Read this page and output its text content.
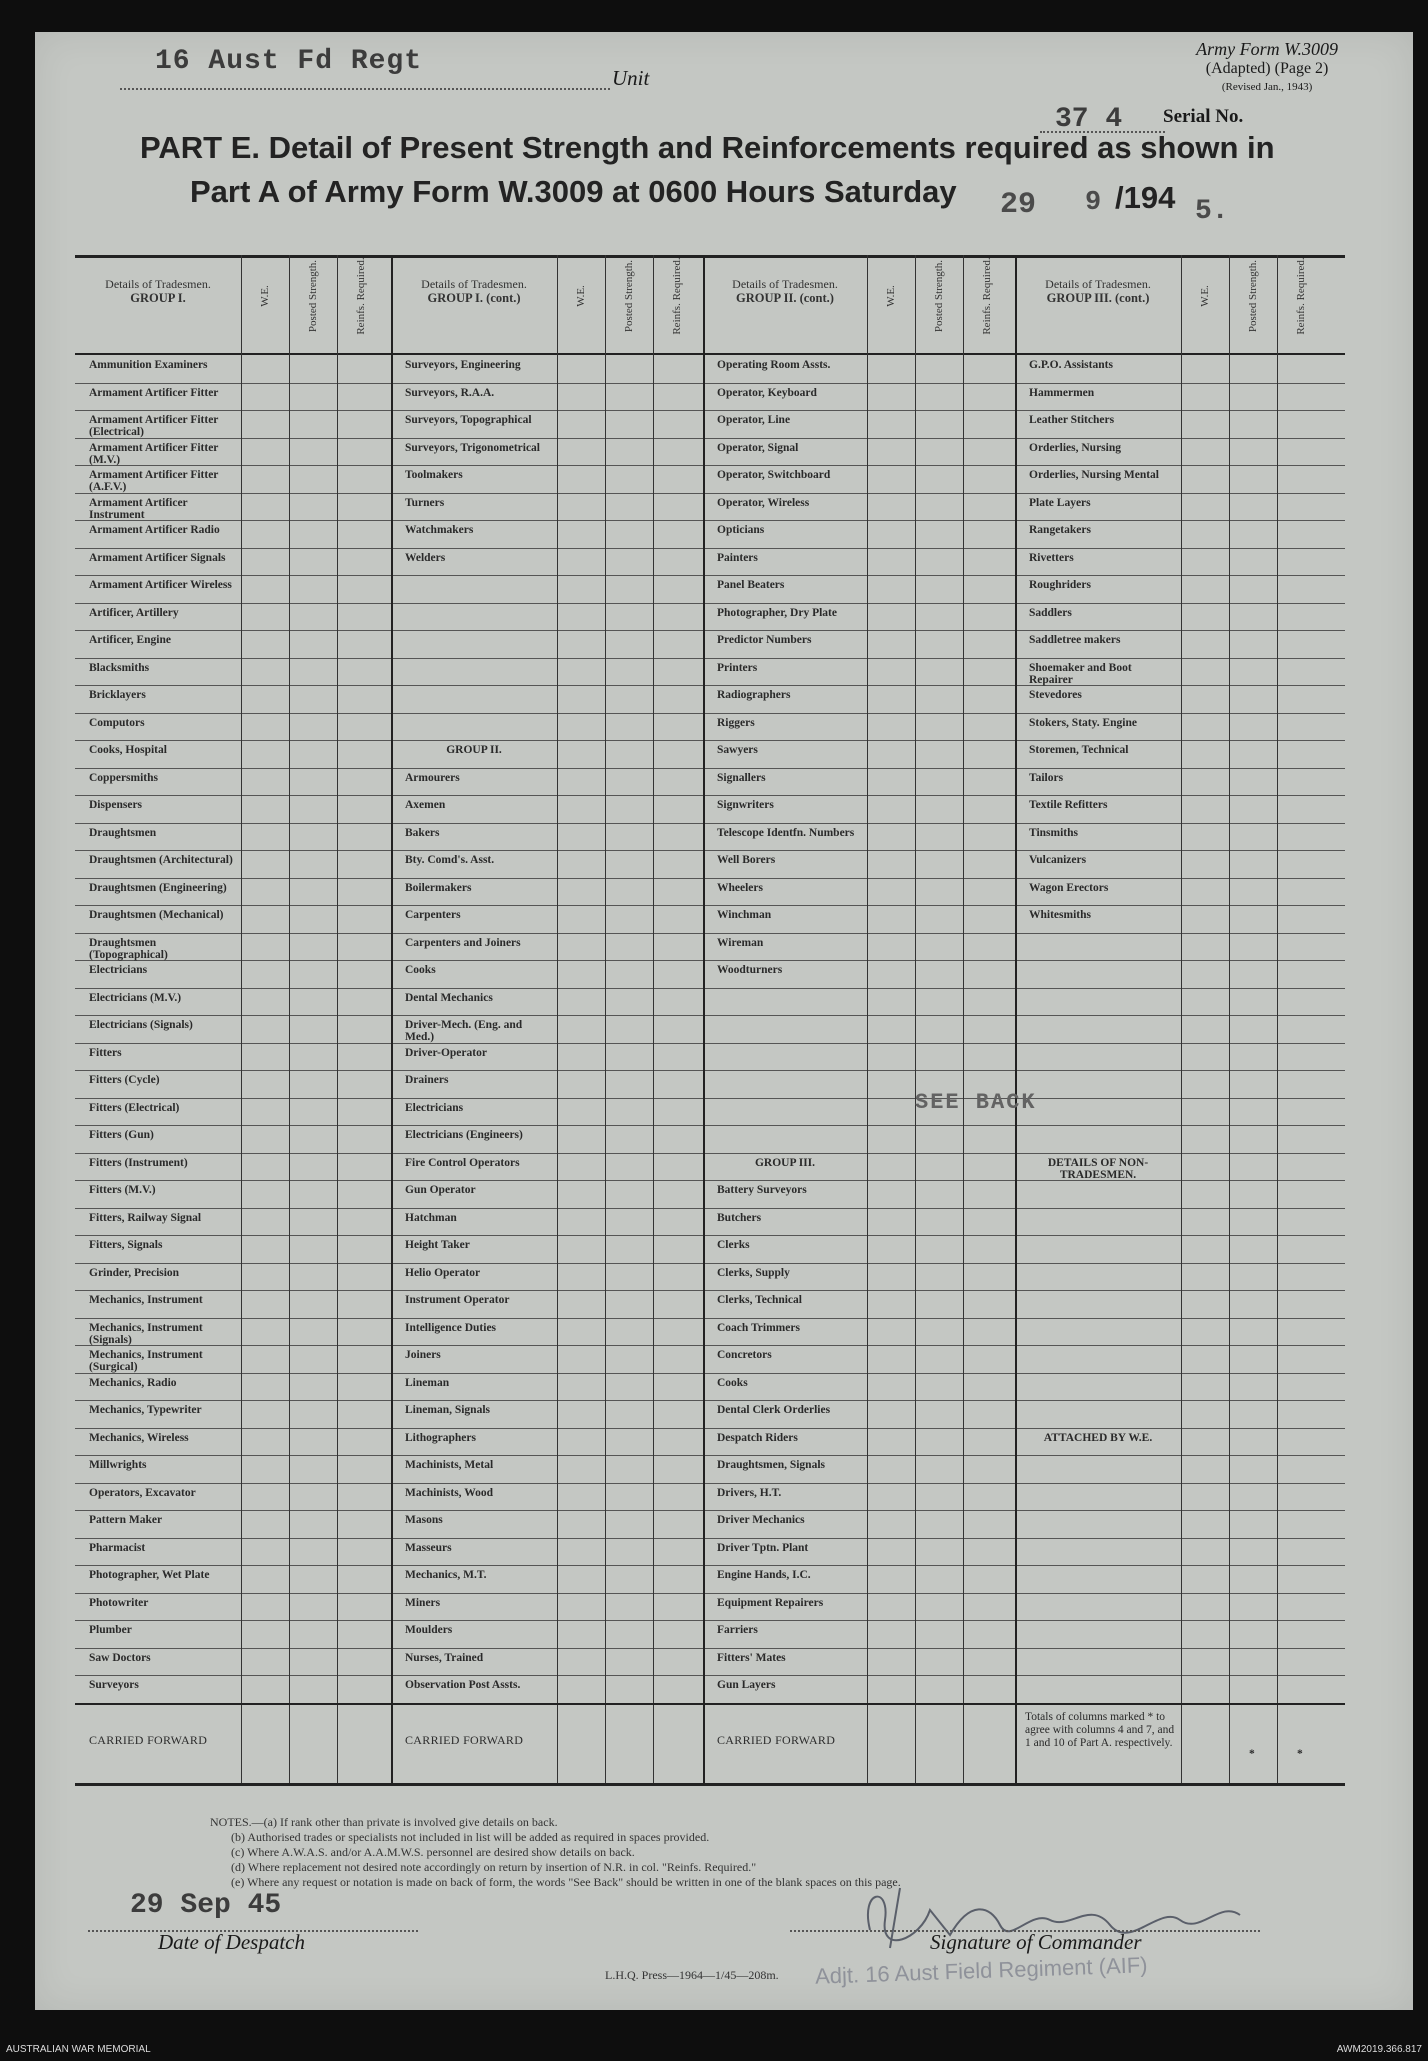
16 Aust Fd Regt
Unit
Army Form W.3009
(Adapted) (Page 2)
(Revised Jan., 1943)
37 4 Serial No.
PART E. Detail of Present Strength and Reinforcements required as shown in
Part A of Army Form W.3009 at 0600 Hours Saturday 29 9 /194 5.
Details of Tradesmen.
GROUP I.	W.E.	Posted Strength.	Reinfs. Required.
Ammunition Examiners
Armament Artificer Fitter
Armament Artificer Fitter (Electrical)
Armament Artificer Fitter (M.V.)
Armament Artificer Fitter (A.F.V.)
Armament Artificer Instrument
Armament Artificer Radio
Armament Artificer Signals
Armament Artificer Wireless
Artificer, Artillery
Artificer, Engine
Blacksmiths
Bricklayers
Computors
Cooks, Hospital
Coppersmiths
Dispensers
Draughtsmen
Draughtsmen (Architectural)
Draughtsmen (Engineering)
Draughtsmen (Mechanical)
Draughtsmen (Topographical)
Electricians
Electricians (M.V.)
Electricians (Signals)
Fitters
Fitters (Cycle)
Fitters (Electrical)
Fitters (Gun)
Fitters (Instrument)
Fitters (M.V.)
Fitters, Railway Signal
Fitters, Signals
Grinder, Precision
Mechanics, Instrument
Mechanics, Instrument (Signals)
Mechanics, Instrument (Surgical)
Mechanics, Radio
Mechanics, Typewriter
Mechanics, Wireless
Millwrights
Operators, Excavator
Pattern Maker
Pharmacist
Photographer, Wet Plate
Photowriter
Plumber
Saw Doctors
Surveyors
CARRIED FORWARD
Details of Tradesmen.
GROUP I. (cont.)	W.E.	Posted Strength.	Reinfs. Required.
Surveyors, Engineering
Surveyors, R.A.A.
Surveyors, Topographical
Surveyors, Trigonometrical
Toolmakers
Turners
Watchmakers
Welders
GROUP II.
Armourers
Axemen
Bakers
Bty. Comd's. Asst.
Boilermakers
Carpenters
Carpenters and Joiners
Cooks
Dental Mechanics
Driver-Mech. (Eng. and Med.)
Driver-Operator
Drainers
Electricians
Electricians (Engineers)
Fire Control Operators
Gun Operator
Hatchman
Height Taker
Helio Operator
Instrument Operator
Intelligence Duties
Joiners
Lineman
Lineman, Signals
Lithographers
Machinists, Metal
Machinists, Wood
Masons
Masseurs
Mechanics, M.T.
Miners
Moulders
Nurses, Trained
Observation Post Assts.
CARRIED FORWARD
Details of Tradesmen.
GROUP II. (cont.)	W.E.	Posted Strength.	Reinfs. Required.
Operating Room Assts.
Operator, Keyboard
Operator, Line
Operator, Signal
Operator, Switchboard
Operator, Wireless
Opticians
Painters
Panel Beaters
Photographer, Dry Plate
Predictor Numbers
Printers
Radiographers
Riggers
Sawyers
Signallers
Signwriters
Telescope Identfn. Numbers
Well Borers
Wheelers
Winchman
Wireman
Woodturners
GROUP III.
Battery Surveyors
Butchers
Clerks
Clerks, Supply
Clerks, Technical
Coach Trimmers
Concretors
Cooks
Dental Clerk Orderlies
Despatch Riders
Draughtsmen, Signals
Drivers, H.T.
Driver Mechanics
Driver Tptn. Plant
Engine Hands, I.C.
Equipment Repairers
Farriers
Fitters' Mates
Gun Layers
CARRIED FORWARD
Details of Tradesmen.
GROUP III. (cont.)	W.E.	Posted Strength.	Reinfs. Required.
G.P.O. Assistants
Hammermen
Leather Stitchers
Orderlies, Nursing
Orderlies, Nursing Mental
Plate Layers
Rangetakers
Rivetters
Roughriders
Saddlers
Saddletree makers
Shoemaker and Boot Repairer
Stevedores
Stokers, Staty. Engine
Storemen, Technical
Tailors
Textile Refitters
Tinsmiths
Vulcanizers
Wagon Erectors
Whitesmiths
DETAILS OF NON-TRADESMEN.
ATTACHED BY W.E.
Totals of columns marked * to agree with columns 4 and 7, and 1 and 10 of Part A. respectively.
*	*
SEE BACK
NOTES.—(a) If rank other than private is involved give details on back.
(b) Authorised trades or specialists not included in list will be added as required in spaces provided.
(c) Where A.W.A.S. and/or A.A.M.W.S. personnel are desired show details on back.
(d) Where replacement not desired note accordingly on return by insertion of N.R. in col. "Reinfs. Required."
(e) Where any request or notation is made on back of form, the words "See Back" should be written in one of the blank spaces on this page.
29 Sep 45
Date of Despatch	Signature of Commander
Adjt. 16 Aust Field Regiment (AIF)
L.H.Q. Press—1964—1/45—208m.
AUSTRALIAN WAR MEMORIAL	AWM2019.366.817
